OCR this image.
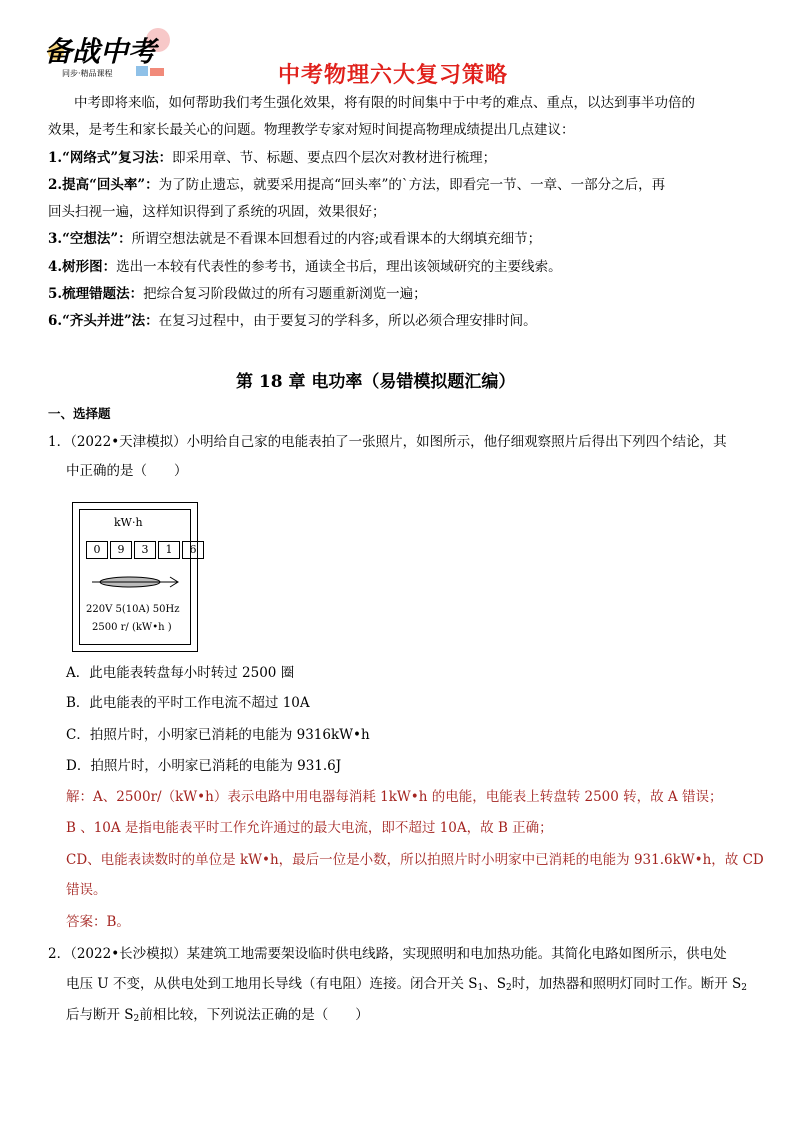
备战中考
同步·精品课程	中考物理六大复习策略
中考即将来临，如何帮助我们考生强化效果，将有限的时间集中于中考的难点、重点，以达到事半功倍的
效果，是考生和家长最关心的问题。物理教学专家对短时间提高物理成绩提出几点建议：
1.“网络式”复习法：即采用章、节、标题、要点四个层次对教材进行梳理；
2.提高“回头率”：为了防止遗忘，就要采用提高“回头率”的`方法，即看完一节、一章、一部分之后，再
回头扫视一遍，这样知识得到了系统的巩固，效果很好；
3.“空想法”：所谓空想法就是不看课本回想看过的内容;或看课本的大纲填充细节；
4.树形图：选出一本较有代表性的参考书，通读全书后，理出该领域研究的主要线索。
5.梳理错题法：把综合复习阶段做过的所有习题重新浏览一遍；
6.“齐头并进”法：在复习过程中，由于要复习的学科多，所以必须合理安排时间。
第 18 章 电功率（易错模拟题汇编）
一、选择题
1．（2022•天津模拟）小明给自己家的电能表拍了一张照片，如图所示，他仔细观察照片后得出下列四个结论，其
中正确的是（　　）
kW·h
0 9 3 1 6
220V 5(10A) 50Hz
2500 r/ (kW•h )
A．此电能表转盘每小时转过 2500 圈
B．此电能表的平时工作电流不超过 10A
C．拍照片时，小明家已消耗的电能为 9316kW•h
D．拍照片时，小明家已消耗的电能为 931.6J
解：A、2500r/（kW•h）表示电路中用电器每消耗 1kW•h 的电能，电能表上转盘转 2500 转，故 A 错误；
B 、10A 是指电能表平时工作允许通过的最大电流，即不超过 10A，故 B 正确；
CD、电能表读数时的单位是 kW•h，最后一位是小数，所以拍照片时小明家中已消耗的电能为 931.6kW•h，故 CD
错误。
答案：B。
2．（2022•长沙模拟）某建筑工地需要架设临时供电线路，实现照明和电加热功能。其简化电路如图所示，供电处
电压 U 不变，从供电处到工地用长导线（有电阻）连接。闭合开关 $S_1$、$S_2$时，加热器和照明灯同时工作。断开 $S_2$
后与断开 $S_2$前相比较，下列说法正确的是（　　）
